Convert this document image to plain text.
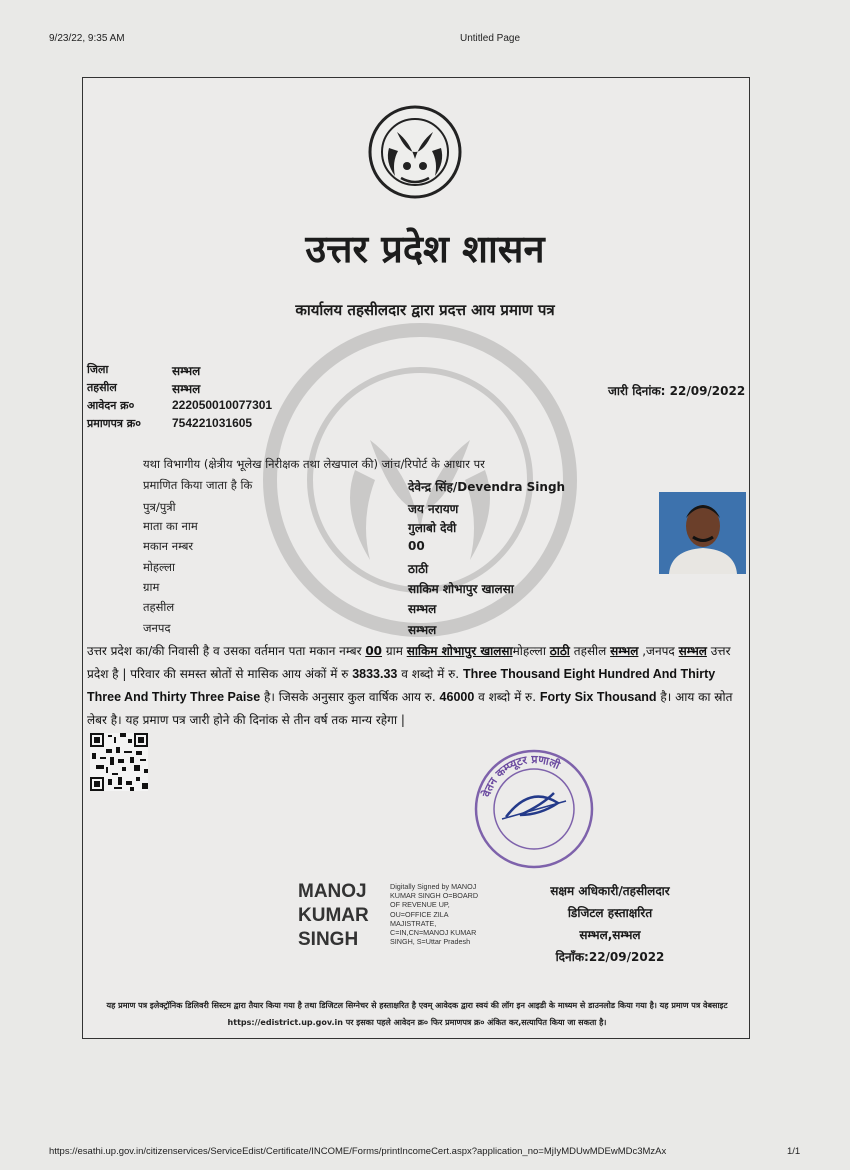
9/23/22, 9:35 AM	Untitled Page
उत्तर प्रदेश शासन
कार्यालय तहसीलदार द्वारा प्रदत्त आय प्रमाण पत्र
जिला	सम्भल
तहसील	सम्भल
आवेदन क्र०	222050010077301
प्रमाणपत्र क्र०	754221031605
जारी दिनांक: 22/09/2022
यथा विभागीय (क्षेत्रीय भूलेख निरीक्षक तथा लेखपाल की) जांच/रिपोर्ट के आधार पर
प्रमाणित किया जाता है कि	देवेन्द्र सिंह/Devendra Singh
पुत्र/पुत्री	जय नरायण
माता का नाम	गुलाबो देवी
मकान नम्बर	00
मोहल्ला	ठाठी
ग्राम	साकिम शोभापुर खालसा
तहसील	सम्भल
जनपद	सम्भल
उत्तर प्रदेश का/की निवासी है व उसका वर्तमान पता मकान नम्बर 00 ग्राम साकिम शोभापुर खालसामोहल्ला ठाठी तहसील सम्भल ,जनपद सम्भल उत्तर प्रदेश है | परिवार की समस्त स्रोतों से मासिक आय अंकों में रु 3833.33 व शब्दो में रु. Three Thousand Eight Hundred And Thirty Three And Thirty Three Paise है। जिसके अनुसार कुल वार्षिक आय रु. 46000 व शब्दो में रु. Forty Six Thousand है। आय का स्रोत लेबर है। यह प्रमाण पत्र जारी होने की दिनांक से तीन वर्ष तक मान्य रहेगा |
वेतन कम्प्यूटर प्रणाली
MANOJ KUMAR SINGH
Digitally Signed by MANOJ KUMAR SINGH O=BOARD OF REVENUE UP, OU=OFFICE ZILA MAJISTRATE, C=IN,CN=MANOJ KUMAR SINGH, S=Uttar Pradesh
सक्षम अधिकारी/तहसीलदार
डिजिटल हस्ताक्षरित
सम्भल,सम्भल
दिनाँक:22/09/2022
यह प्रमाण पत्र इलेक्ट्रॉनिक डिलिवरी सिस्टम द्वारा तैयार किया गया है तथा डिजिटल सिग्नेचर से हस्ताक्षरित है एवम् आवेदक द्वारा स्वयं की लॉग इन आइडी के माध्यम से डाउनलोड किया गया है। यह प्रमाण पत्र वेबसाइट https://edistrict.up.gov.in पर इसका पहले आवेदन क्र० फिर प्रमाणपत्र क्र० अंकित कर,सत्यापित किया जा सकता है।
https://esathi.up.gov.in/citizenservices/ServiceEdist/Certificate/INCOME/Forms/printIncomeCert.aspx?application_no=MjIyMDUwMDEwMDc3MzAx	1/1
